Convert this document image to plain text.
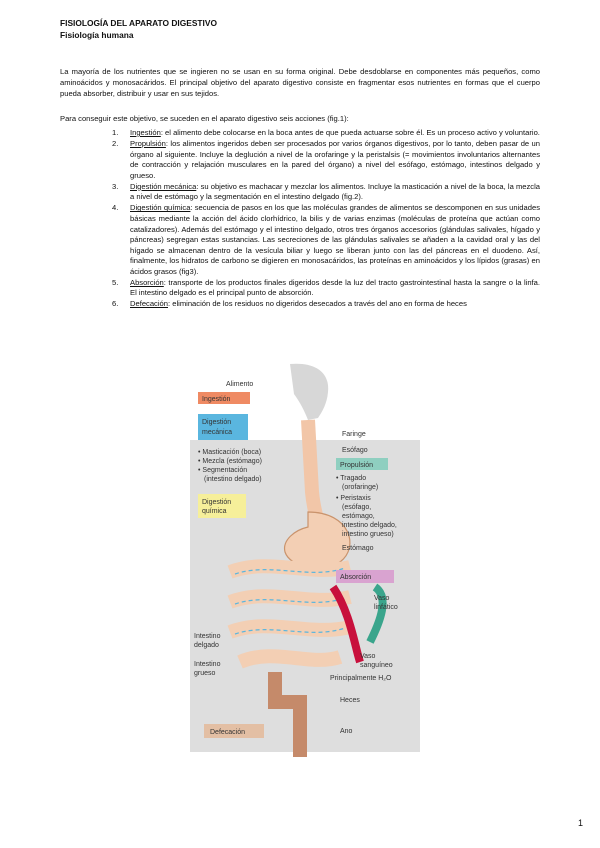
FISIOLOGÍA DEL APARATO DIGESTIVO
Fisiología humana
La mayoría de los nutrientes que se ingieren no se usan en su forma original. Debe desdoblarse en componentes más pequeños, como aminoácidos y monosacáridos. El principal objetivo del aparato digestivo consiste en fragmentar esos nutrientes en formas que el cuerpo pueda absorber, distribuir y usar en sus tejidos.
Para conseguir este objetivo, se suceden en el aparato digestivo seis acciones (fig.1):
1. Ingestión: el alimento debe colocarse en la boca antes de que pueda actuarse sobre él. Es un proceso activo y voluntario.
2. Propulsión: los alimentos ingeridos deben ser procesados por varios órganos digestivos, por lo tanto, deben pasar de un órgano al siguiente. Incluye la deglución a nivel de la orofaringe y la peristalsis (= movimientos involuntarios alternantes de contracción y relajación musculares en la pared del órgano) a nivel del esófago, estómago, intestinos delgado y grueso.
3. Digestión mecánica: su objetivo es machacar y mezclar los alimentos. Incluye la masticación a nivel de la boca, la mezcla a nivel de estómago y la segmentación en el intestino delgado (fig.2).
4. Digestión química: secuencia de pasos en los que las moléculas grandes de alimentos se descomponen en sus unidades básicas mediante la acción del ácido clorhídrico, la bilis y de varias enzimas (moléculas de proteína que actúan como catalizadores). Además del estómago y el intestino delgado, otros tres órganos accesorios (glándulas salivales, hígado y páncreas) segregan estas sustancias. Las secreciones de las glándulas salivales se añaden a la cavidad oral y las del hígado se almacenan dentro de la vesícula biliar y luego se liberan junto con las del páncreas en el duodeno. Así, finalmente, los hidratos de carbono se digieren en monosacáridos, las proteínas en aminoácidos y los lípidos (grasas) en ácidos grasos (fig3).
5. Absorción: transporte de los productos finales digeridos desde la luz del tracto gastrointestinal hasta la sangre o la linfa. El intestino delgado es el principal punto de absorción.
6. Defecación: eliminación de los residuos no digeridos desecados a través del ano en forma de heces
Alimento
Ingestión
Digestión
mecánica
• Masticación (boca)
• Mezcla (estómago)
• Segmentación
(intestino delgado)
Digestión
química
Faringe
Esófago
Propulsión
• Tragado
(orofaringe)
• Peristaxis
(esófago,
estómago,
intestino delgado,
intestino grueso)
Estómago
Absorción
Vaso
linfático
Intestino
delgado
Intestino
grueso
Vaso
sanguíneo
Principalmente H₂O
Heces
Ano
Defecación
1
